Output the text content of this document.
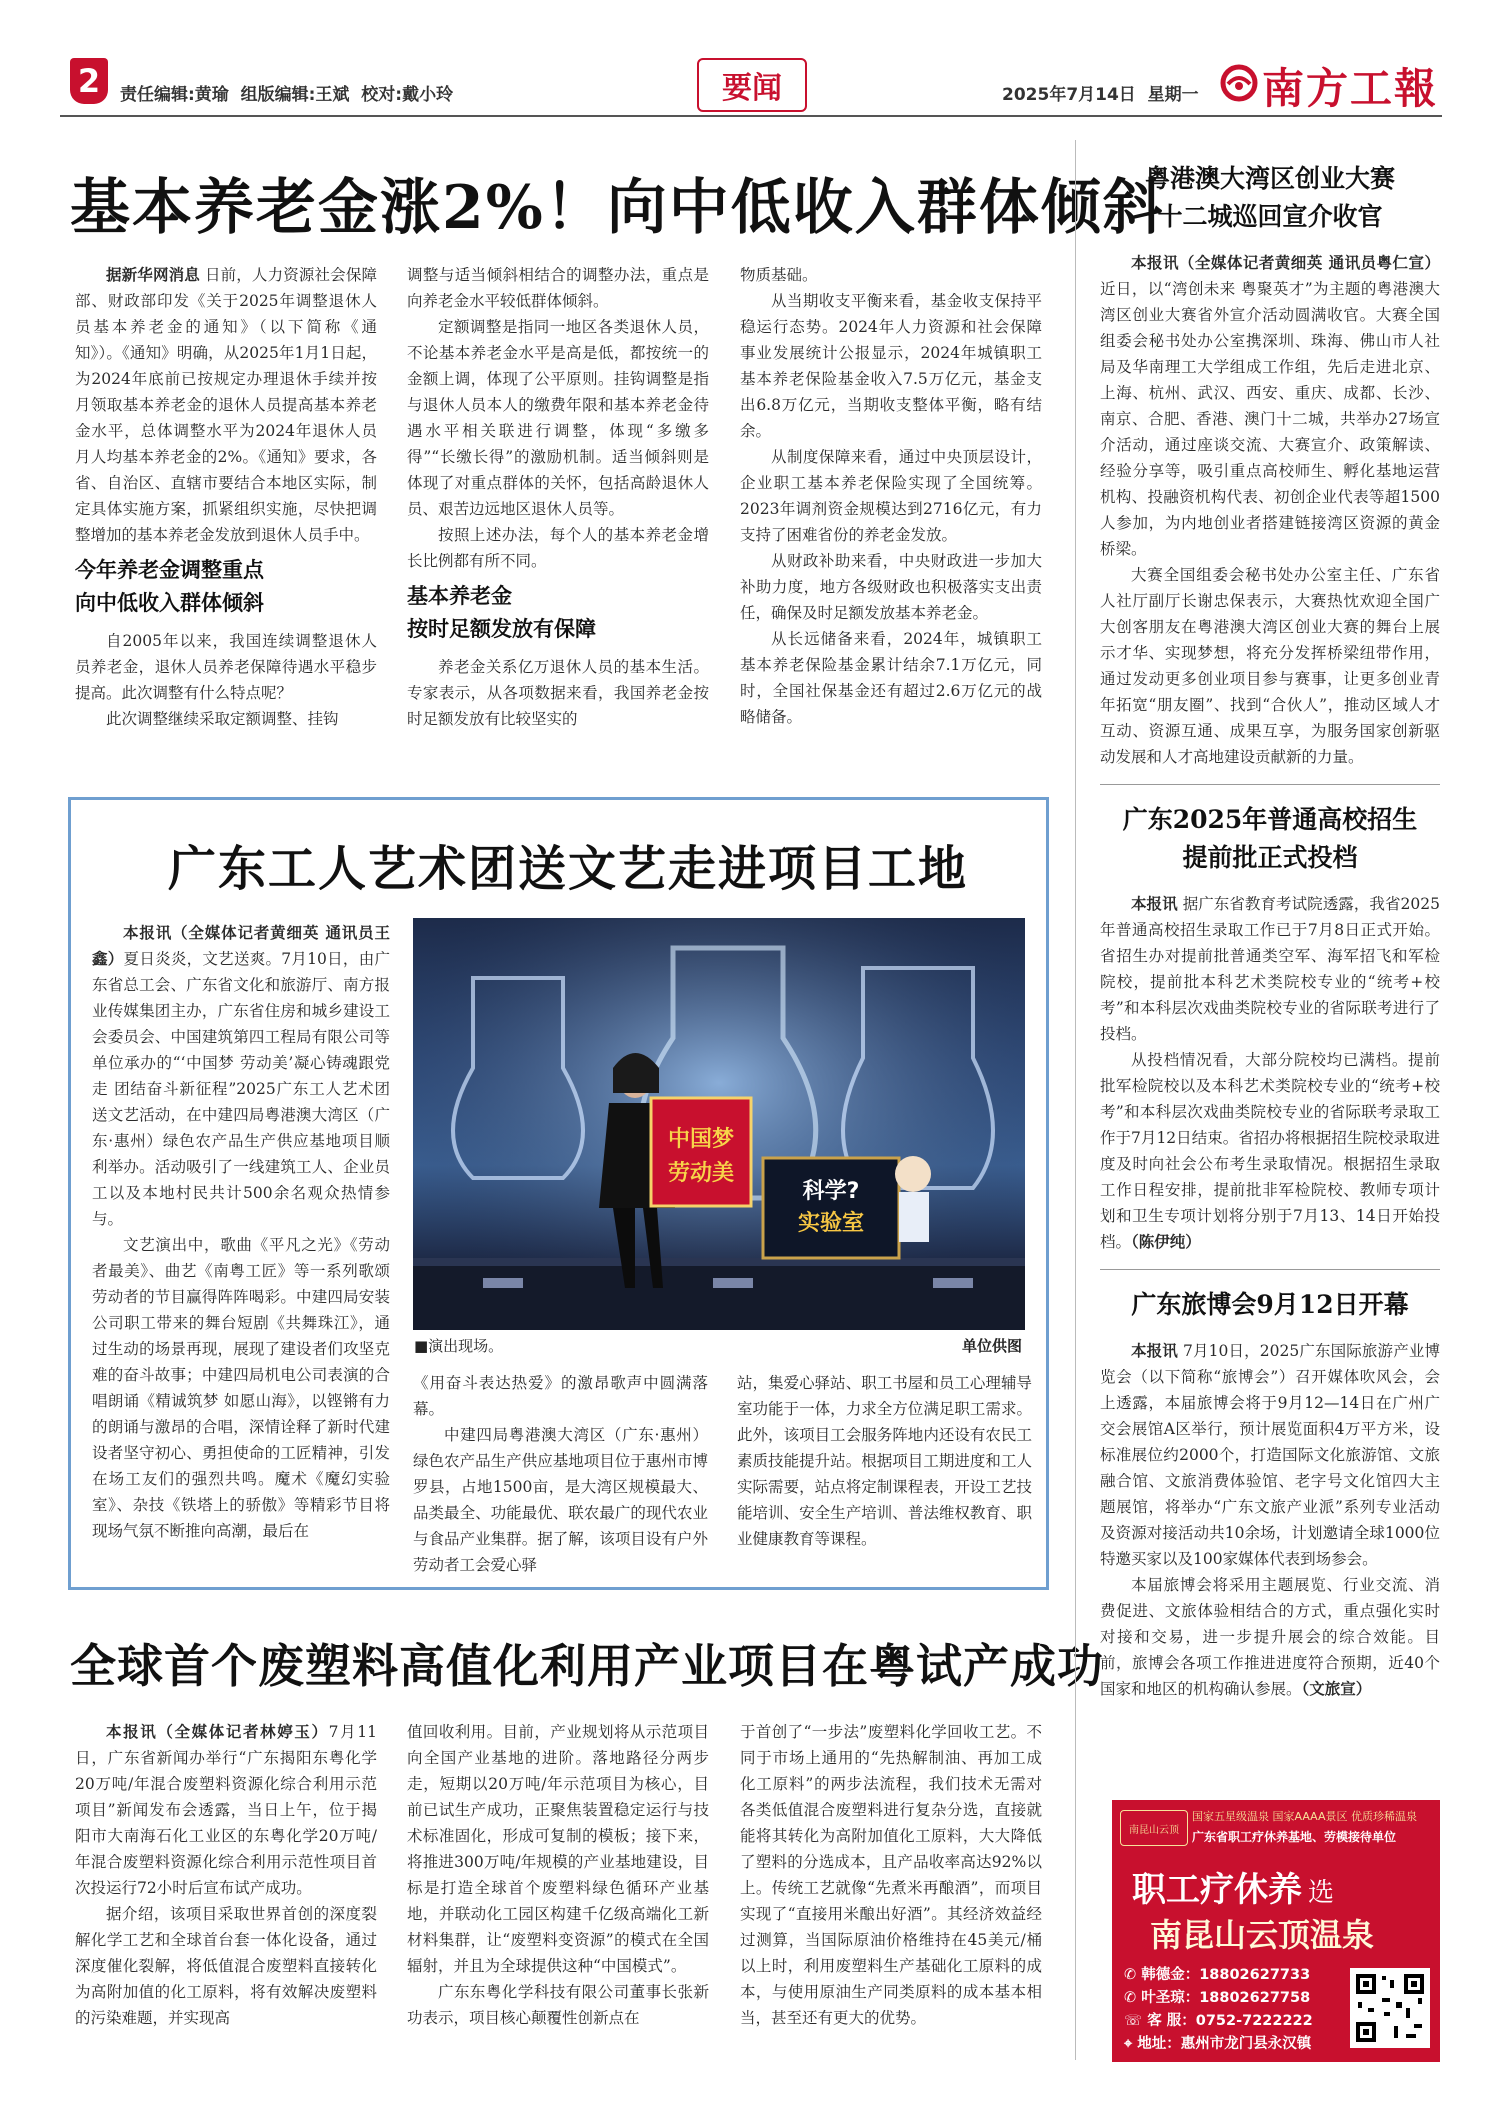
2 责任编辑:黄瑜  组版编辑:王斌  校对:戴小玲	要闻	2025年7月14日  星期一 南方工報
基本养老金涨2%！向中低收入群体倾斜

据新华网消息 日前，人力资源社会保障部、财政部印发《关于2025年调整退休人员基本养老金的通知》（以下简称《通知》）。《通知》明确，从2025年1月1日起，为2024年底前已按规定办理退休手续并按月领取基本养老金的退休人员提高基本养老金水平，总体调整水平为2024年退休人员月人均基本养老金的2%。《通知》要求，各省、自治区、直辖市要结合本地区实际，制定具体实施方案，抓紧组织实施，尽快把调整增加的基本养老金发放到退休人员手中。

今年养老金调整重点
向中低收入群体倾斜

自2005年以来，我国连续调整退休人员养老金，退休人员养老保障待遇水平稳步提高。此次调整有什么特点呢？

此次调整继续采取定额调整、挂钩

调整与适当倾斜相结合的调整办法，重点是向养老金水平较低群体倾斜。

定额调整是指同一地区各类退休人员，不论基本养老金水平是高是低，都按统一的金额上调，体现了公平原则。挂钩调整是指与退休人员本人的缴费年限和基本养老金待遇水平相关联进行调整，体现“多缴多得”“长缴长得”的激励机制。适当倾斜则是体现了对重点群体的关怀，包括高龄退休人员、艰苦边远地区退休人员等。

按照上述办法，每个人的基本养老金增长比例都有所不同。

基本养老金
按时足额发放有保障

养老金关系亿万退休人员的基本生活。专家表示，从各项数据来看，我国养老金按时足额发放有比较坚实的

物质基础。

从当期收支平衡来看，基金收支保持平稳运行态势。2024年人力资源和社会保障事业发展统计公报显示，2024年城镇职工基本养老保险基金收入7.5万亿元，基金支出6.8万亿元，当期收支整体平衡，略有结余。

从制度保障来看，通过中央顶层设计，企业职工基本养老保险实现了全国统筹。2023年调剂资金规模达到2716亿元，有力支持了困难省份的养老金发放。

从财政补助来看，中央财政进一步加大补助力度，地方各级财政也积极落实支出责任，确保及时足额发放基本养老金。

从长远储备来看，2024年，城镇职工基本养老保险基金累计结余7.1万亿元，同时，全国社保基金还有超过2.6万亿元的战略储备。

广东工人艺术团送文艺走进项目工地

本报讯（全媒体记者黄细英 通讯员王鑫）夏日炎炎，文艺送爽。7月10日，由广东省总工会、广东省文化和旅游厅、南方报业传媒集团主办，广东省住房和城乡建设工会委员会、中国建筑第四工程局有限公司等单位承办的“‘中国梦 劳动美’凝心铸魂跟党走 团结奋斗新征程”2025广东工人艺术团送文艺活动，在中建四局粤港澳大湾区（广东·惠州）绿色农产品生产供应基地项目顺利举办。活动吸引了一线建筑工人、企业员工以及本地村民共计500余名观众热情参与。

文艺演出中，歌曲《平凡之光》《劳动者最美》、曲艺《南粤工匠》等一系列歌颂劳动者的节目赢得阵阵喝彩。中建四局安装公司职工带来的舞台短剧《共舞珠江》，通过生动的场景再现，展现了建设者们攻坚克难的奋斗故事；中建四局机电公司表演的合唱朗诵《精诚筑梦 如愿山海》，以铿锵有力的朗诵与激昂的合唱，深情诠释了新时代建设者坚守初心、勇担使命的工匠精神，引发在场工友们的强烈共鸣。魔术《魔幻实验室》、杂技《铁塔上的骄傲》等精彩节目将现场气氛不断推向高潮，最后在

中国梦
劳动美
科学?
实验室
■演出现场。	单位供图

《用奋斗表达热爱》的激昂歌声中圆满落幕。

中建四局粤港澳大湾区（广东·惠州）绿色农产品生产供应基地项目位于惠州市博罗县，占地1500亩，是大湾区规模最大、品类最全、功能最优、联农最广的现代农业与食品产业集群。据了解，该项目设有户外劳动者工会爱心驿

站，集爱心驿站、职工书屋和员工心理辅导室功能于一体，力求全方位满足职工需求。此外，该项目工会服务阵地内还设有农民工素质技能提升站。根据项目工期进度和工人实际需要，站点将定制课程表，开设工艺技能培训、安全生产培训、普法维权教育、职业健康教育等课程。

全球首个废塑料高值化利用产业项目在粤试产成功

本报讯（全媒体记者林婷玉）7月11日，广东省新闻办举行“广东揭阳东粤化学20万吨/年混合废塑料资源化综合利用示范项目”新闻发布会透露，当日上午，位于揭阳市大南海石化工业区的东粤化学20万吨/年混合废塑料资源化综合利用示范性项目首次投运行72小时后宣布试产成功。

据介绍，该项目采取世界首创的深度裂解化学工艺和全球首台套一体化设备，通过深度催化裂解，将低值混合废塑料直接转化为高附加值的化工原料，将有效解决废塑料的污染难题，并实现高

值回收利用。目前，产业规划将从示范项目向全国产业基地的进阶。落地路径分两步走，短期以20万吨/年示范项目为核心，目前已试生产成功，正聚焦装置稳定运行与技术标准固化，形成可复制的模板；接下来，将推进300万吨/年规模的产业基地建设，目标是打造全球首个废塑料绿色循环产业基地，并联动化工园区构建千亿级高端化工新材料集群，让“废塑料变资源”的模式在全国辐射，并且为全球提供这种“中国模式”。

广东东粤化学科技有限公司董事长张新功表示，项目核心颠覆性创新点在

于首创了“一步法”废塑料化学回收工艺。不同于市场上通用的“先热解制油、再加工成化工原料”的两步法流程，我们技术无需对各类低值混合废塑料进行复杂分选，直接就能将其转化为高附加值化工原料，大大降低了塑料的分选成本，且产品收率高达92%以上。传统工艺就像“先煮米再酿酒”，而项目实现了“直接用米酿出好酒”。其经济效益经过测算，当国际原油价格维持在45美元/桶以上时，利用废塑料生产基础化工原料的成本，与使用原油生产同类原料的成本基本相当，甚至还有更大的优势。

粤港澳大湾区创业大赛
十二城巡回宣介收官

本报讯（全媒体记者黄细英 通讯员粤仁宣）近日，以“湾创未来 粤聚英才”为主题的粤港澳大湾区创业大赛省外宣介活动圆满收官。大赛全国组委会秘书处办公室携深圳、珠海、佛山市人社局及华南理工大学组成工作组，先后走进北京、上海、杭州、武汉、西安、重庆、成都、长沙、南京、合肥、香港、澳门十二城，共举办27场宣介活动，通过座谈交流、大赛宣介、政策解读、经验分享等，吸引重点高校师生、孵化基地运营机构、投融资机构代表、初创企业代表等超1500人参加，为内地创业者搭建链接湾区资源的黄金桥梁。

大赛全国组委会秘书处办公室主任、广东省人社厅副厅长谢忠保表示，大赛热忱欢迎全国广大创客朋友在粤港澳大湾区创业大赛的舞台上展示才华、实现梦想，将充分发挥桥梁纽带作用，通过发动更多创业项目参与赛事，让更多创业青年拓宽“朋友圈”、找到“合伙人”，推动区域人才互动、资源互通、成果互享，为服务国家创新驱动发展和人才高地建设贡献新的力量。

广东2025年普通高校招生
提前批正式投档

本报讯 据广东省教育考试院透露，我省2025年普通高校招生录取工作已于7月8日正式开始。省招生办对提前批普通类空军、海军招飞和军检院校，提前批本科艺术类院校专业的“统考+校考”和本科层次戏曲类院校专业的省际联考进行了投档。

从投档情况看，大部分院校均已满档。提前批军检院校以及本科艺术类院校专业的“统考+校考”和本科层次戏曲类院校专业的省际联考录取工作于7月12日结束。省招办将根据招生院校录取进度及时向社会公布考生录取情况。根据招生录取工作日程安排，提前批非军检院校、教师专项计划和卫生专项计划将分别于7月13、14日开始投档。（陈伊纯）

广东旅博会9月12日开幕

本报讯 7月10日，2025广东国际旅游产业博览会（以下简称“旅博会”）召开媒体吹风会，会上透露，本届旅博会将于9月12—14日在广州广交会展馆A区举行，预计展览面积4万平方米，设标准展位约2000个，打造国际文化旅游馆、文旅融合馆、文旅消费体验馆、老字号文化馆四大主题展馆，将举办“广东文旅产业派”系列专业活动及资源对接活动共10余场，计划邀请全球1000位特邀买家以及100家媒体代表到场参会。

本届旅博会将采用主题展览、行业交流、消费促进、文旅体验相结合的方式，重点强化实时对接和交易，进一步提升展会的综合效能。目前，旅博会各项工作推进进度符合预期，近40个国家和地区的机构确认参展。（文旅宣）

南昆山云顶
国家五星级温泉 国家AAAA景区 优质珍稀温泉
广东省职工疗休养基地、劳模接待单位
职工疗休养 选
南昆山云顶温泉
✆ 韩德金：18802627733
✆ 叶圣琼：18802627758
☏ 客 服：0752-7222222
⌖ 地址：惠州市龙门县永汉镇
